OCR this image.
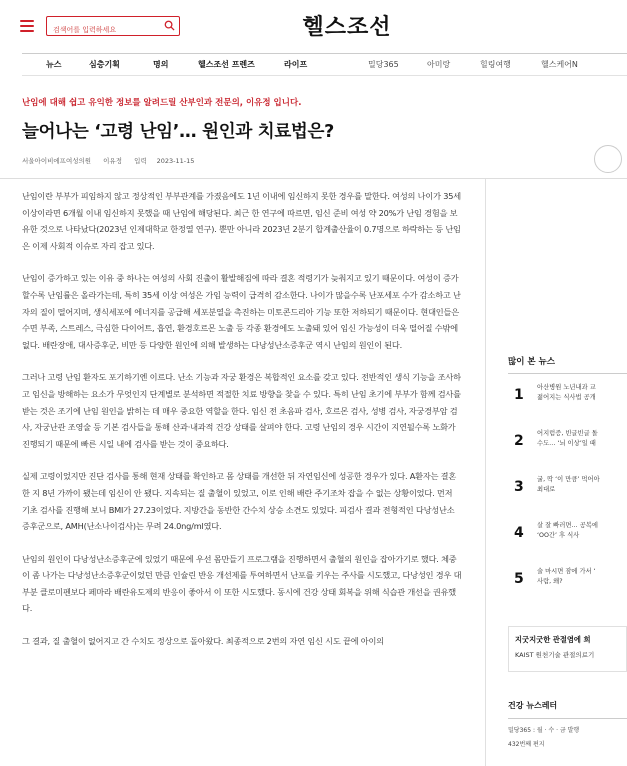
검색어를 입력하세요
헬스조선
뉴스	심층기획	명의	헬스조선 프렌즈	라이프	밀당365	아미랑	힐링여행	헬스케어N
난임에 대해 쉽고 유익한 정보를 알려드릴 산부인과 전문의, 이유정 입니다.
늘어나는 ‘고령 난임’… 원인과 치료법은?
서울아이비에프여성의원 이유정 입력 2023-11-15

난임이란 부부가 피임하지 않고 정상적인 부부관계를 가졌음에도 1년 이내에 임신하지 못한 경우를 말한다. 여성의 나이가 35세 이상이라면 6개월 이내 임신하지 못했을 때 난임에 해당된다. 최근 한 연구에 따르면, 임신 준비 여성 약 20%가 난임 경험을 보유한 것으로 나타났다(2023년 인제대학교 한정열 연구). 뿐만 아니라 2023년 2분기 합계출산율이 0.7명으로 하락하는 등 난임은 이제 사회적 이슈로 자리 잡고 있다.

난임이 증가하고 있는 이유 중 하나는 여성의 사회 진출이 활발해짐에 따라 결혼 적령기가 늦춰지고 있기 때문이다. 여성이 증가할수록 난임률은 올라가는데, 특히 35세 이상 여성은 가임 능력이 급격히 감소한다. 나이가 많을수록 난포세포 수가 감소하고 난자의 질이 떨어지며, 생식세포에 에너지를 공급해 세포분열을 촉진하는 미토콘드리아 기능 또한 저하되기 때문이다. 현대인들은 수면 부족, 스트레스, 극심한 다이어트, 흡연, 환경호르몬 노출 등 각종 환경에도 노출돼 있어 임신 가능성이 더욱 떨어질 수밖에 없다. 배란장애, 대사증후군, 비만 등 다양한 원인에 의해 발생하는 다낭성난소증후군 역시 난임의 원인이 된다.

그러나 고령 난임 환자도 포기하기엔 이르다. 난소 기능과 자궁 환경은 복합적인 요소를 갖고 있다. 전반적인 생식 기능을 조사하고 임신을 방해하는 요소가 무엇인지 단계별로 분석하면 적절한 치료 방향을 찾을 수 있다. 특히 난임 초기에 부부가 함께 검사를 받는 것은 조기에 난임 원인을 밝히는 데 매우 중요한 역할을 한다. 임신 전 초음파 검사, 호르몬 검사, 성병 검사, 자궁경부암 검사, 자궁난관 조영술 등 기본 검사들을 통해 산과·내과적 건강 상태를 살펴야 한다. 고령 난임의 경우 시간이 지연될수록 노화가 진행되기 때문에 빠른 시일 내에 검사를 받는 것이 중요하다.

실제 고령이었지만 진단 검사를 통해 현재 상태를 확인하고 몸 상태를 개선한 뒤 자연임신에 성공한 경우가 있다. A환자는 결혼한 지 8년 가까이 됐는데 임신이 안 됐다. 지속되는 질 출혈이 있었고, 이로 인해 배란 주기조차 잡을 수 없는 상황이었다. 먼저 기초 검사를 진행해 보니 BMI가 27.23이었다. 지방간을 동반한 간수치 상승 소견도 있었다. 피검사 결과 전형적인 다낭성난소증후군으로, AMH(난소나이검사)는 무려 24.0ng/ml였다.

난임의 원인이 다낭성난소증후군에 있었기 때문에 우선 몸만들기 프로그램을 진행하면서 출혈의 원인을 잡아가기로 했다. 체중이 좀 나가는 다낭성난소증후군이었던 만큼 인슐린 반응 개선제를 투여하면서 난포를 키우는 주사를 시도했고, 다낭성인 경우 대부분 클로미펜보다 페마라 배란유도제의 반응이 좋아서 이 또한 시도했다. 동시에 건강 상태 회복을 위해 식습관 개선을 권유했다.

그 결과, 질 출혈이 없어지고 간 수치도 정상으로 돌아왔다. 최종적으로 2번의 자연 임신 시도 끝에 아이의

많이 본 뉴스
1 아산병원 노년내과 교
젊어지는 식사법 공개
2 어지럼증, 빈글빈글 돌
수도… ‘뇌 이상’일 때
3 굴, 딱 ‘이 만큼’ 먹어아
최대로
4 살 잘 빠러면… 공복에
‘OO간’ 후 식사
5 술 마시면 잠에 가서 ‘
사람, 왜?
지굿지굿한 관절염에 희
KAIST 원천기술 관절의료기
건강 뉴스레터
밀당365 : 월 · 수 · 금 발행
432번째 편지
